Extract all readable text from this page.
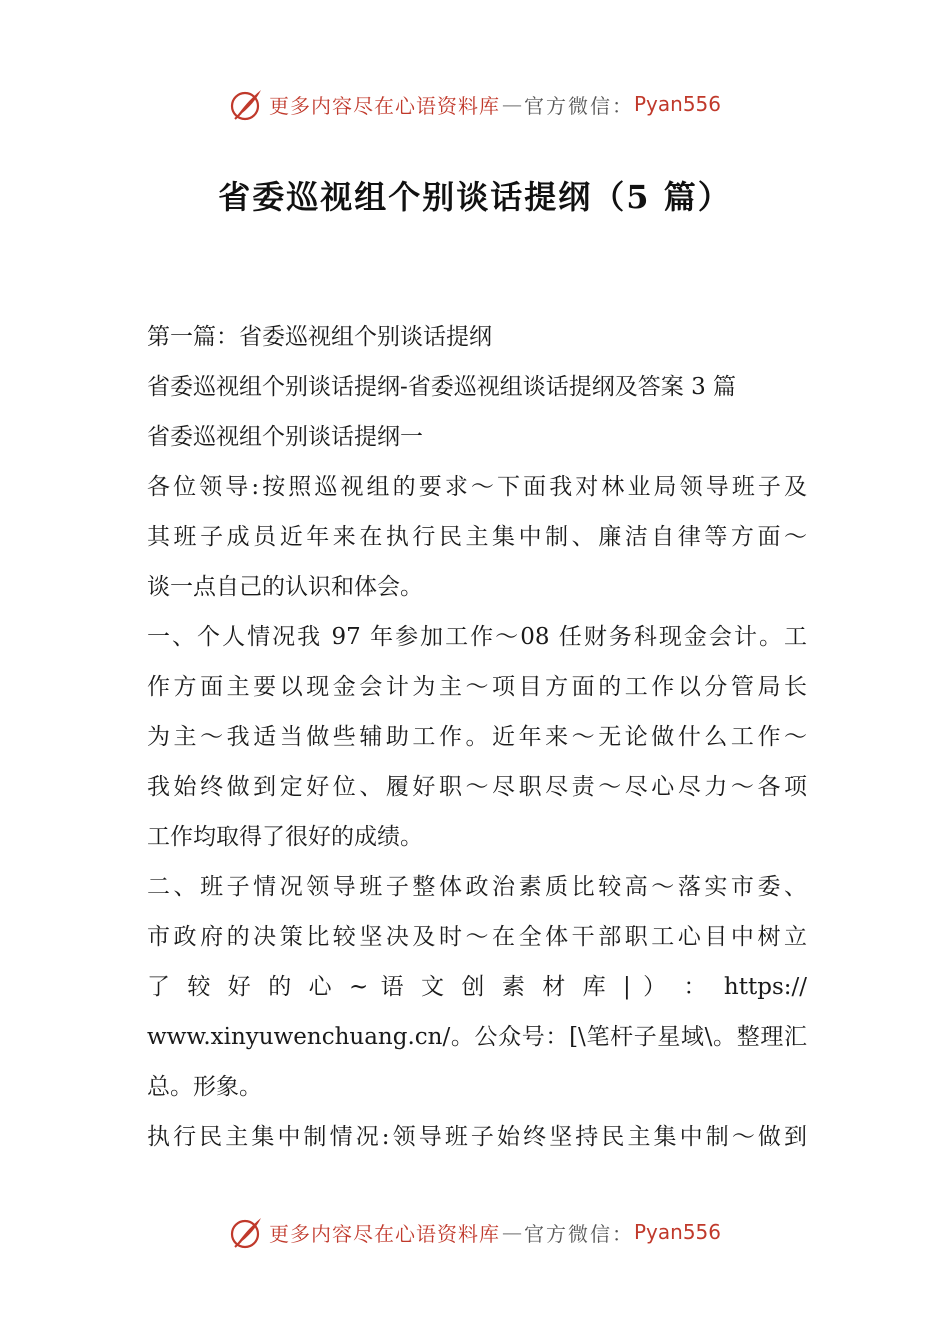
更多内容尽在心语资料库 — 官方微信： Pyan556
省委巡视组个别谈话提纲（5 篇）
第一篇：省委巡视组个别谈话提纲
省委巡视组个别谈话提纲-省委巡视组谈话提纲及答案 3 篇
省委巡视组个别谈话提纲一
各位领导:按照巡视组的要求～下面我对林业局领导班子及
其班子成员近年来在执行民主集中制、廉洁自律等方面～
谈一点自己的认识和体会。
一、个人情况我 97 年参加工作～08 任财务科现金会计。工
作方面主要以现金会计为主～项目方面的工作以分管局长
为主～我适当做些辅助工作。近年来～无论做什么工作～
我始终做到定好位、履好职～尽职尽责～尽心尽力～各项
工作均取得了很好的成绩。
二、班子情况领导班子整体政治素质比较高～落实市委、
市政府的决策比较坚决及时～在全体干部职工心目中树立
了 较 好 的 心 ~ 语 文 创 素 材 库 | ） ： https://
www.xinyuwenchuang.cn/。公众号：[\笔杆子星域\。整理汇
总。形象。
执行民主集中制情况:领导班子始终坚持民主集中制～做到
更多内容尽在心语资料库 — 官方微信： Pyan556
